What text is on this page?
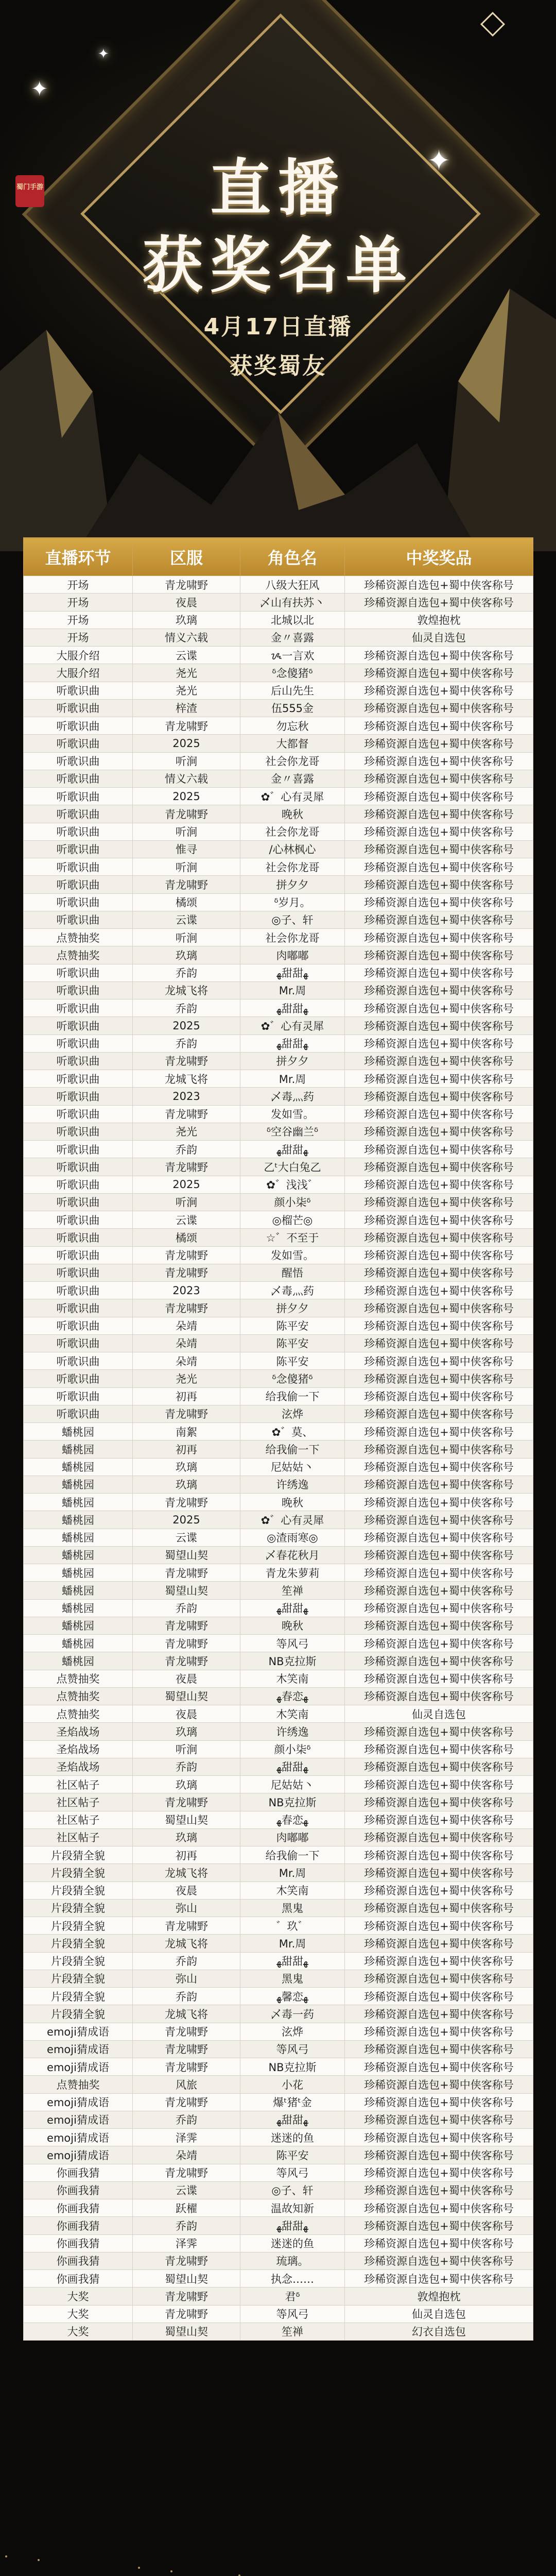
✦
✦
✦
蜀门手游	直播
获奖名单
4月17日直播
获奖蜀友
直播环节	区服	角色名	中奖奖品
开场	青龙啸野	八级大狂风	珍稀资源自选包+蜀中侠客称号
开场	夜晨	乄山有扶苏丶	珍稀资源自选包+蜀中侠客称号
开场	玖璃	北城以北	敦煌抱枕
开场	情义六载	金〃喜露	仙灵自选包
大服介绍	云谍	ᝰ一言欢	珍稀资源自选包+蜀中侠客称号
大服介绍	尧光	ᵟ念傻猪ᵟ	珍稀资源自选包+蜀中侠客称号
听歌识曲	尧光	后山先生	珍稀资源自选包+蜀中侠客称号
听歌识曲	梓渣	伍555金	珍稀资源自选包+蜀中侠客称号
听歌识曲	青龙啸野	勿忘秋	珍稀资源自选包+蜀中侠客称号
听歌识曲	2025	大都督	珍稀资源自选包+蜀中侠客称号
听歌识曲	听涧	社会你龙哥	珍稀资源自选包+蜀中侠客称号
听歌识曲	情义六载	金〃喜露	珍稀资源自选包+蜀中侠客称号
听歌识曲	2025	✿゛心有灵犀	珍稀资源自选包+蜀中侠客称号
听歌识曲	青龙啸野	晚秋	珍稀资源自选包+蜀中侠客称号
听歌识曲	听涧	社会你龙哥	珍稀资源自选包+蜀中侠客称号
听歌识曲	惟寻	/心林枫心	珍稀资源自选包+蜀中侠客称号
听歌识曲	听涧	社会你龙哥	珍稀资源自选包+蜀中侠客称号
听歌识曲	青龙啸野	拼夕夕	珍稀资源自选包+蜀中侠客称号
听歌识曲	橘颂	ᵟ岁月。	珍稀资源自选包+蜀中侠客称号
听歌识曲	云谍	◎子、轩	珍稀资源自选包+蜀中侠客称号
点赞抽奖	听涧	社会你龙哥	珍稀资源自选包+蜀中侠客称号
点赞抽奖	玖璃	肉嘟嘟	珍稀资源自选包+蜀中侠客称号
听歌识曲	乔韵	ﻬ甜甜ﻬ	珍稀资源自选包+蜀中侠客称号
听歌识曲	龙城飞将	Mr.周	珍稀资源自选包+蜀中侠客称号
听歌识曲	乔韵	ﻬ甜甜ﻬ	珍稀资源自选包+蜀中侠客称号
听歌识曲	2025	✿゛心有灵犀	珍稀资源自选包+蜀中侠客称号
听歌识曲	乔韵	ﻬ甜甜ﻬ	珍稀资源自选包+蜀中侠客称号
听歌识曲	青龙啸野	拼夕夕	珍稀资源自选包+蜀中侠客称号
听歌识曲	龙城飞将	Mr.周	珍稀资源自选包+蜀中侠客称号
听歌识曲	2023	乄毒灬药	珍稀资源自选包+蜀中侠客称号
听歌识曲	青龙啸野	发如雪。	珍稀资源自选包+蜀中侠客称号
听歌识曲	尧光	ᵟ空谷幽兰ᵟ	珍稀资源自选包+蜀中侠客称号
听歌识曲	乔韵	ﻬ甜甜ﻬ	珍稀资源自选包+蜀中侠客称号
听歌识曲	青龙啸野	乙ᵗ大白兔乙	珍稀资源自选包+蜀中侠客称号
听歌识曲	2025	✿゛浅浅゛	珍稀资源自选包+蜀中侠客称号
听歌识曲	听涧	颜小柒ᵟ	珍稀资源自选包+蜀中侠客称号
听歌识曲	云谍	◎榴芒◎	珍稀资源自选包+蜀中侠客称号
听歌识曲	橘颂	☆゛不至于	珍稀资源自选包+蜀中侠客称号
听歌识曲	青龙啸野	发如雪。	珍稀资源自选包+蜀中侠客称号
听歌识曲	青龙啸野	醒悟	珍稀资源自选包+蜀中侠客称号
听歌识曲	2023	乄毒灬药	珍稀资源自选包+蜀中侠客称号
听歌识曲	青龙啸野	拼夕夕	珍稀资源自选包+蜀中侠客称号
听歌识曲	朵靖	陈平安	珍稀资源自选包+蜀中侠客称号
听歌识曲	朵靖	陈平安	珍稀资源自选包+蜀中侠客称号
听歌识曲	朵靖	陈平安	珍稀资源自选包+蜀中侠客称号
听歌识曲	尧光	ᵟ念傻猪ᵟ	珍稀资源自选包+蜀中侠客称号
听歌识曲	初再	给我偷一下	珍稀资源自选包+蜀中侠客称号
听歌识曲	青龙啸野	泫烨	珍稀资源自选包+蜀中侠客称号
蟠桃园	南絮	✿゛莫、	珍稀资源自选包+蜀中侠客称号
蟠桃园	初再	给我偷一下	珍稀资源自选包+蜀中侠客称号
蟠桃园	玖璃	尼姑姑丶	珍稀资源自选包+蜀中侠客称号
蟠桃园	玖璃	许绣逸	珍稀资源自选包+蜀中侠客称号
蟠桃园	青龙啸野	晚秋	珍稀资源自选包+蜀中侠客称号
蟠桃园	2025	✿゛心有灵犀	珍稀资源自选包+蜀中侠客称号
蟠桃园	云谍	◎渣雨寒◎	珍稀资源自选包+蜀中侠客称号
蟠桃园	蜀望山契	乄春花秋月	珍稀资源自选包+蜀中侠客称号
蟠桃园	青龙啸野	青龙朱萝莉	珍稀资源自选包+蜀中侠客称号
蟠桃园	蜀望山契	笙禅	珍稀资源自选包+蜀中侠客称号
蟠桃园	乔韵	ﻬ甜甜ﻬ	珍稀资源自选包+蜀中侠客称号
蟠桃园	青龙啸野	晚秋	珍稀资源自选包+蜀中侠客称号
蟠桃园	青龙啸野	等风弓	珍稀资源自选包+蜀中侠客称号
蟠桃园	青龙啸野	NB克拉斯	珍稀资源自选包+蜀中侠客称号
点赞抽奖	夜晨	木笑南	珍稀资源自选包+蜀中侠客称号
点赞抽奖	蜀望山契	ﻬ春恋ﻬ	珍稀资源自选包+蜀中侠客称号
点赞抽奖	夜晨	木笑南	仙灵自选包
圣焰战场	玖璃	许绣逸	珍稀资源自选包+蜀中侠客称号
圣焰战场	听涧	颜小柒ᵟ	珍稀资源自选包+蜀中侠客称号
圣焰战场	乔韵	ﻬ甜甜ﻬ	珍稀资源自选包+蜀中侠客称号
社区帖子	玖璃	尼姑姑丶	珍稀资源自选包+蜀中侠客称号
社区帖子	青龙啸野	NB克拉斯	珍稀资源自选包+蜀中侠客称号
社区帖子	蜀望山契	ﻬ春恋ﻬ	珍稀资源自选包+蜀中侠客称号
社区帖子	玖璃	肉嘟嘟	珍稀资源自选包+蜀中侠客称号
片段猜全貌	初再	给我偷一下	珍稀资源自选包+蜀中侠客称号
片段猜全貌	龙城飞将	Mr.周	珍稀资源自选包+蜀中侠客称号
片段猜全貌	夜晨	木笑南	珍稀资源自选包+蜀中侠客称号
片段猜全貌	弥山	黑鬼	珍稀资源自选包+蜀中侠客称号
片段猜全貌	青龙啸野	゛玖゛	珍稀资源自选包+蜀中侠客称号
片段猜全貌	龙城飞将	Mr.周	珍稀资源自选包+蜀中侠客称号
片段猜全貌	乔韵	ﻬ甜甜ﻬ	珍稀资源自选包+蜀中侠客称号
片段猜全貌	弥山	黑鬼	珍稀资源自选包+蜀中侠客称号
片段猜全貌	乔韵	ﻬ馨恋ﻬ	珍稀资源自选包+蜀中侠客称号
片段猜全貌	龙城飞将	乄毒一药	珍稀资源自选包+蜀中侠客称号
emoji猜成语	青龙啸野	泫烨	珍稀资源自选包+蜀中侠客称号
emoji猜成语	青龙啸野	等风弓	珍稀资源自选包+蜀中侠客称号
emoji猜成语	青龙啸野	NB克拉斯	珍稀资源自选包+蜀中侠客称号
点赞抽奖	风旅	小花	珍稀资源自选包+蜀中侠客称号
emoji猜成语	青龙啸野	爆ᵗ猪ᵗ金	珍稀资源自选包+蜀中侠客称号
emoji猜成语	乔韵	ﻬ甜甜ﻬ	珍稀资源自选包+蜀中侠客称号
emoji猜成语	泽霁	迷迷的鱼	珍稀资源自选包+蜀中侠客称号
emoji猜成语	朵靖	陈平安	珍稀资源自选包+蜀中侠客称号
你画我猜	青龙啸野	等风弓	珍稀资源自选包+蜀中侠客称号
你画我猜	云谍	◎子、轩	珍稀资源自选包+蜀中侠客称号
你画我猜	跃櫂	温故知新	珍稀资源自选包+蜀中侠客称号
你画我猜	乔韵	ﻬ甜甜ﻬ	珍稀资源自选包+蜀中侠客称号
你画我猜	泽霁	迷迷的鱼	珍稀资源自选包+蜀中侠客称号
你画我猜	青龙啸野	琉璃。	珍稀资源自选包+蜀中侠客称号
你画我猜	蜀望山契	执念……	珍稀资源自选包+蜀中侠客称号
大奖	青龙啸野	君ᵟ	敦煌抱枕
大奖	青龙啸野	等风弓	仙灵自选包
大奖	蜀望山契	笙禅	幻衣自选包
